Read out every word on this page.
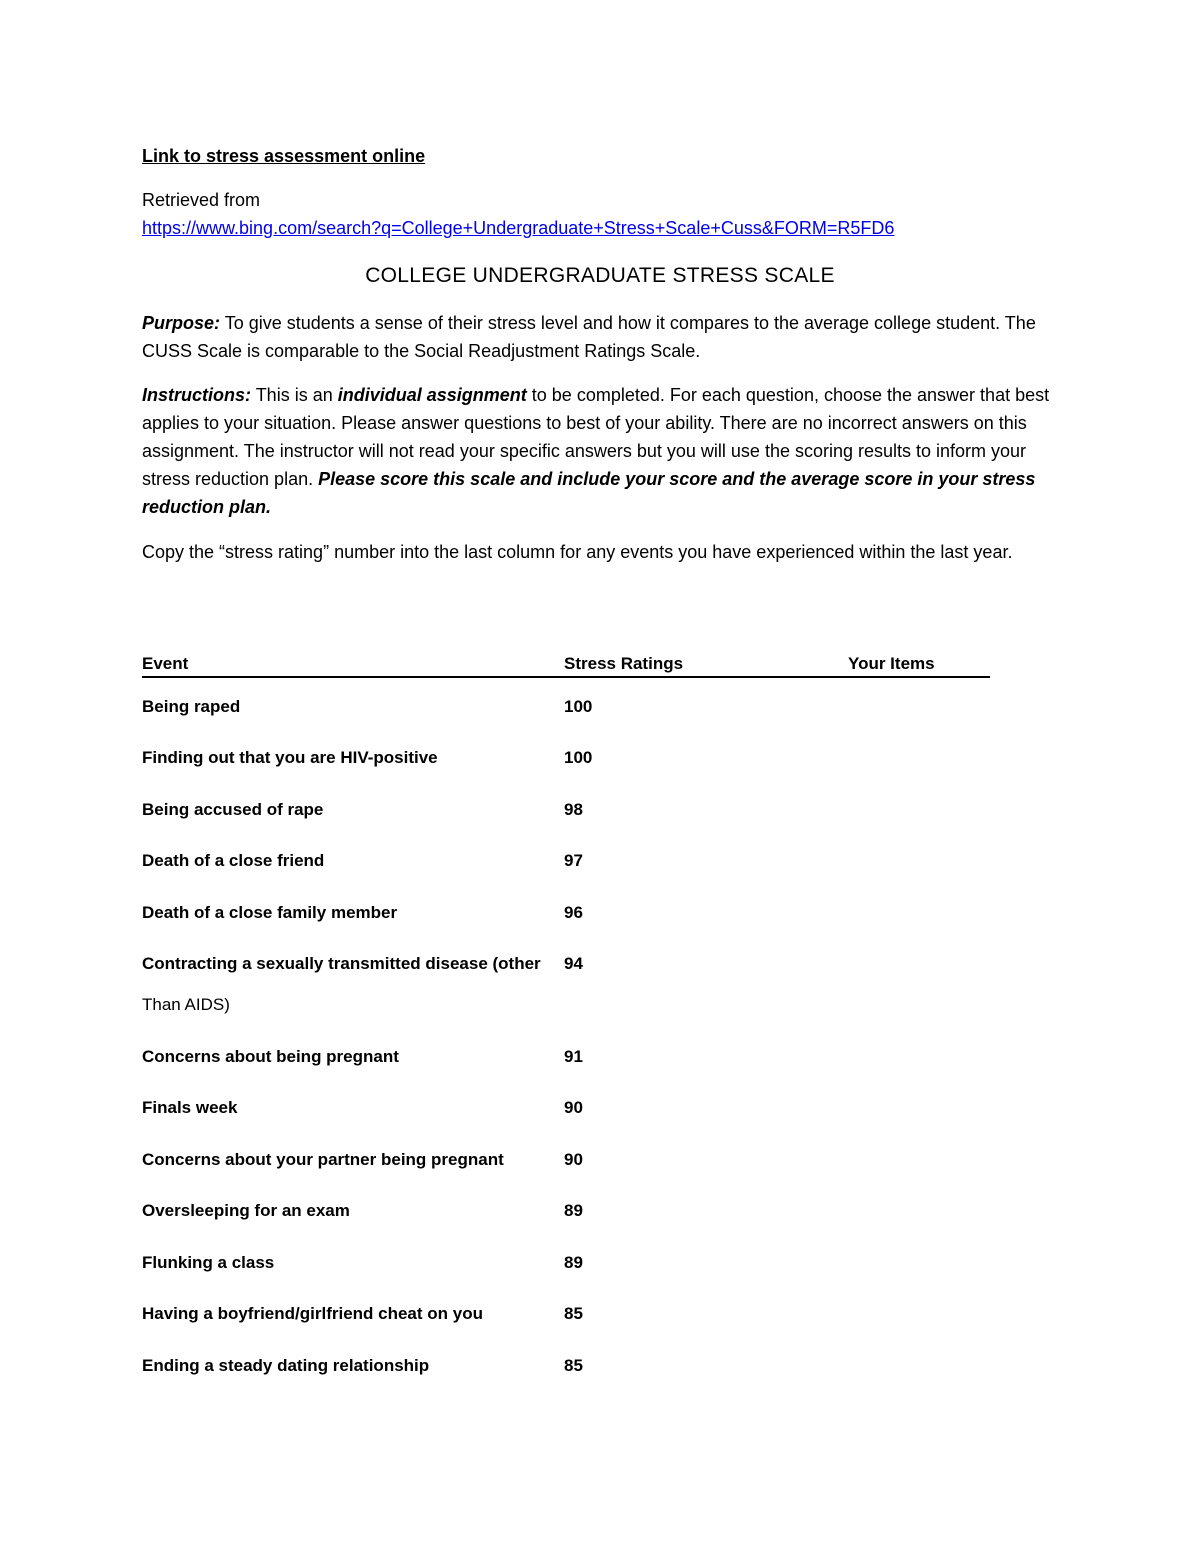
Link to stress assessment online

Retrieved from

https://www.bing.com/search?q=College+Undergraduate+Stress+Scale+Cuss&FORM=R5FD6

COLLEGE UNDERGRADUATE STRESS SCALE

Purpose: To give students a sense of their stress level and how it compares to the average college student. The CUSS Scale is comparable to the Social Readjustment Ratings Scale.

Instructions: This is an individual assignment to be completed. For each question, choose the answer that best applies to your situation. Please answer questions to best of your ability. There are no incorrect answers on this assignment. The instructor will not read your specific answers but you will use the scoring results to inform your stress reduction plan. Please score this scale and include your score and the average score in your stress reduction plan.

Copy the “stress rating” number into the last column for any events you have experienced within the last year.

Event	Stress Ratings	Your Items
Being raped	100
Finding out that you are HIV-positive	100
Being accused of rape	98
Death of a close friend	97
Death of a close family member	96
Contracting a sexually transmitted disease (other 94
Than AIDS)
Concerns about being pregnant	91
Finals week	90
Concerns about your partner being pregnant	90
Oversleeping for an exam	89
Flunking a class	89
Having a boyfriend/girlfriend cheat on you	85
Ending a steady dating relationship	85
